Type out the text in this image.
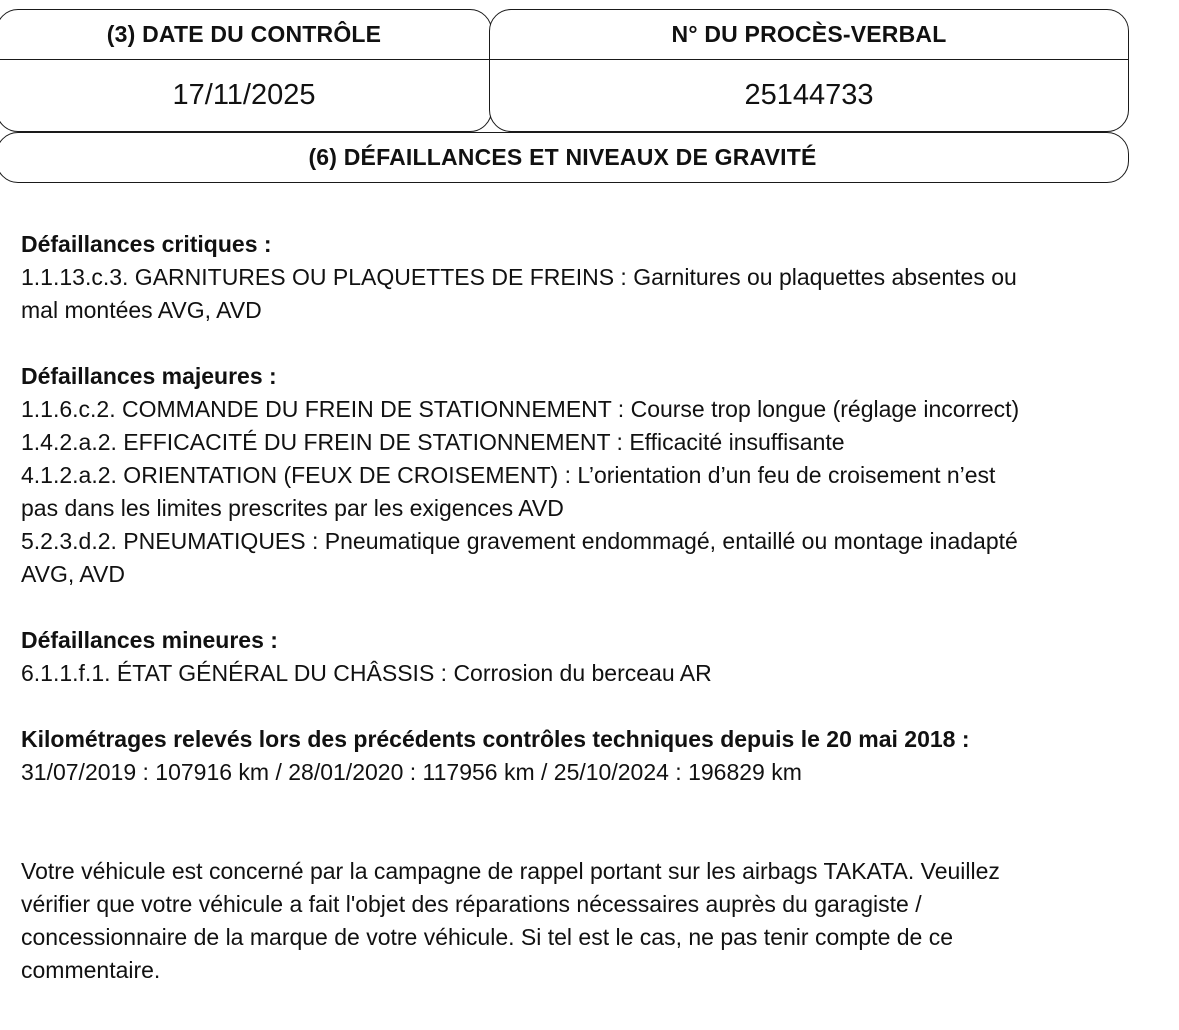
(3) DATE DU CONTRÔLE
17/11/2025
N° DU PROCÈS-VERBAL
25144733
(6) DÉFAILLANCES ET NIVEAUX DE GRAVITÉ

Défaillances critiques :

1.1.13.c.3. GARNITURES OU PLAQUETTES DE FREINS : Garnitures ou plaquettes absentes ou mal montées AVG, AVD

Défaillances majeures :

1.1.6.c.2. COMMANDE DU FREIN DE STATIONNEMENT : Course trop longue (réglage incorrect)

1.4.2.a.2. EFFICACITÉ DU FREIN DE STATIONNEMENT : Efficacité insuffisante

4.1.2.a.2. ORIENTATION (FEUX DE CROISEMENT) : L’orientation d’un feu de croisement n’est pas dans les limites prescrites par les exigences AVD

5.2.3.d.2. PNEUMATIQUES : Pneumatique gravement endommagé, entaillé ou montage inadapté AVG, AVD

Défaillances mineures :

6.1.1.f.1. ÉTAT GÉNÉRAL DU CHÂSSIS : Corrosion du berceau AR

Kilométrages relevés lors des précédents contrôles techniques depuis le 20 mai 2018 : 31/07/2019 : 107916 km / 28/01/2020 : 117956 km / 25/10/2024 : 196829 km

Votre véhicule est concerné par la campagne de rappel portant sur les airbags TAKATA. Veuillez vérifier que votre véhicule a fait l'objet des réparations nécessaires auprès du garagiste / concessionnaire de la marque de votre véhicule. Si tel est le cas, ne pas tenir compte de ce commentaire.
